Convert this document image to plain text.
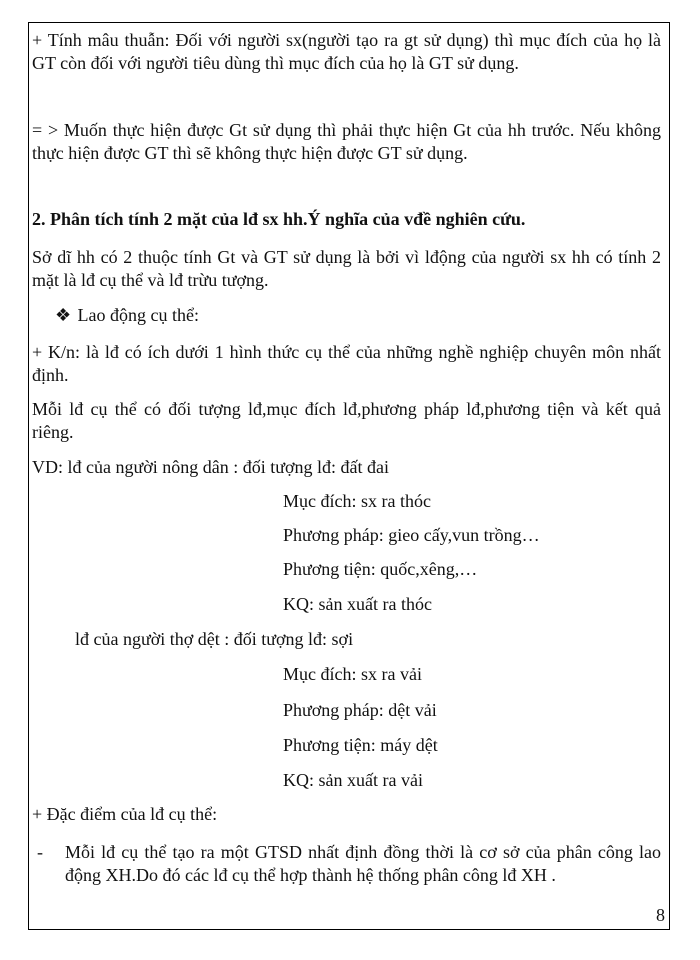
+ Tính mâu thuẫn: Đối với người sx(người tạo ra gt sử dụng) thì mục đích của họ là GT còn đối với người tiêu dùng thì mục đích của họ là GT sử dụng.

= > Muốn thực hiện được Gt sử dụng thì phải thực hiện Gt của hh trước. Nếu không thực hiện được GT thì sẽ không thực hiện được GT sử dụng.

2. Phân tích tính 2 mặt của lđ sx hh.Ý nghĩa của vđề nghiên cứu.

Sở dĩ hh có 2 thuộc tính Gt và GT sử dụng là bởi vì lđộng của người sx hh có tính 2 mặt là lđ cụ thể và lđ trừu tượng.

❖ Lao động cụ thể:

+ K/n: là lđ có ích dưới 1 hình thức cụ thể của những nghề nghiệp chuyên môn nhất định.

Mỗi lđ cụ thể có đối tượng lđ,mục đích lđ,phương pháp lđ,phương tiện và kết quả riêng.

VD: lđ của người nông dân : đối tượng lđ: đất đai

Mục đích: sx ra thóc

Phương pháp: gieo cấy,vun trồng…

Phương tiện: quốc,xêng,…

KQ: sản xuất ra thóc

lđ của người thợ dệt : đối tượng lđ: sợi

Mục đích: sx ra vải

Phương pháp: dệt vải

Phương tiện: máy dệt

KQ: sản xuất ra vải

+ Đặc điểm của lđ cụ thể:

- Mỗi lđ cụ thể tạo ra một GTSD nhất định đồng thời là cơ sở của phân công lao động XH.Do đó các lđ cụ thể hợp thành hệ thống phân công lđ XH .

8
